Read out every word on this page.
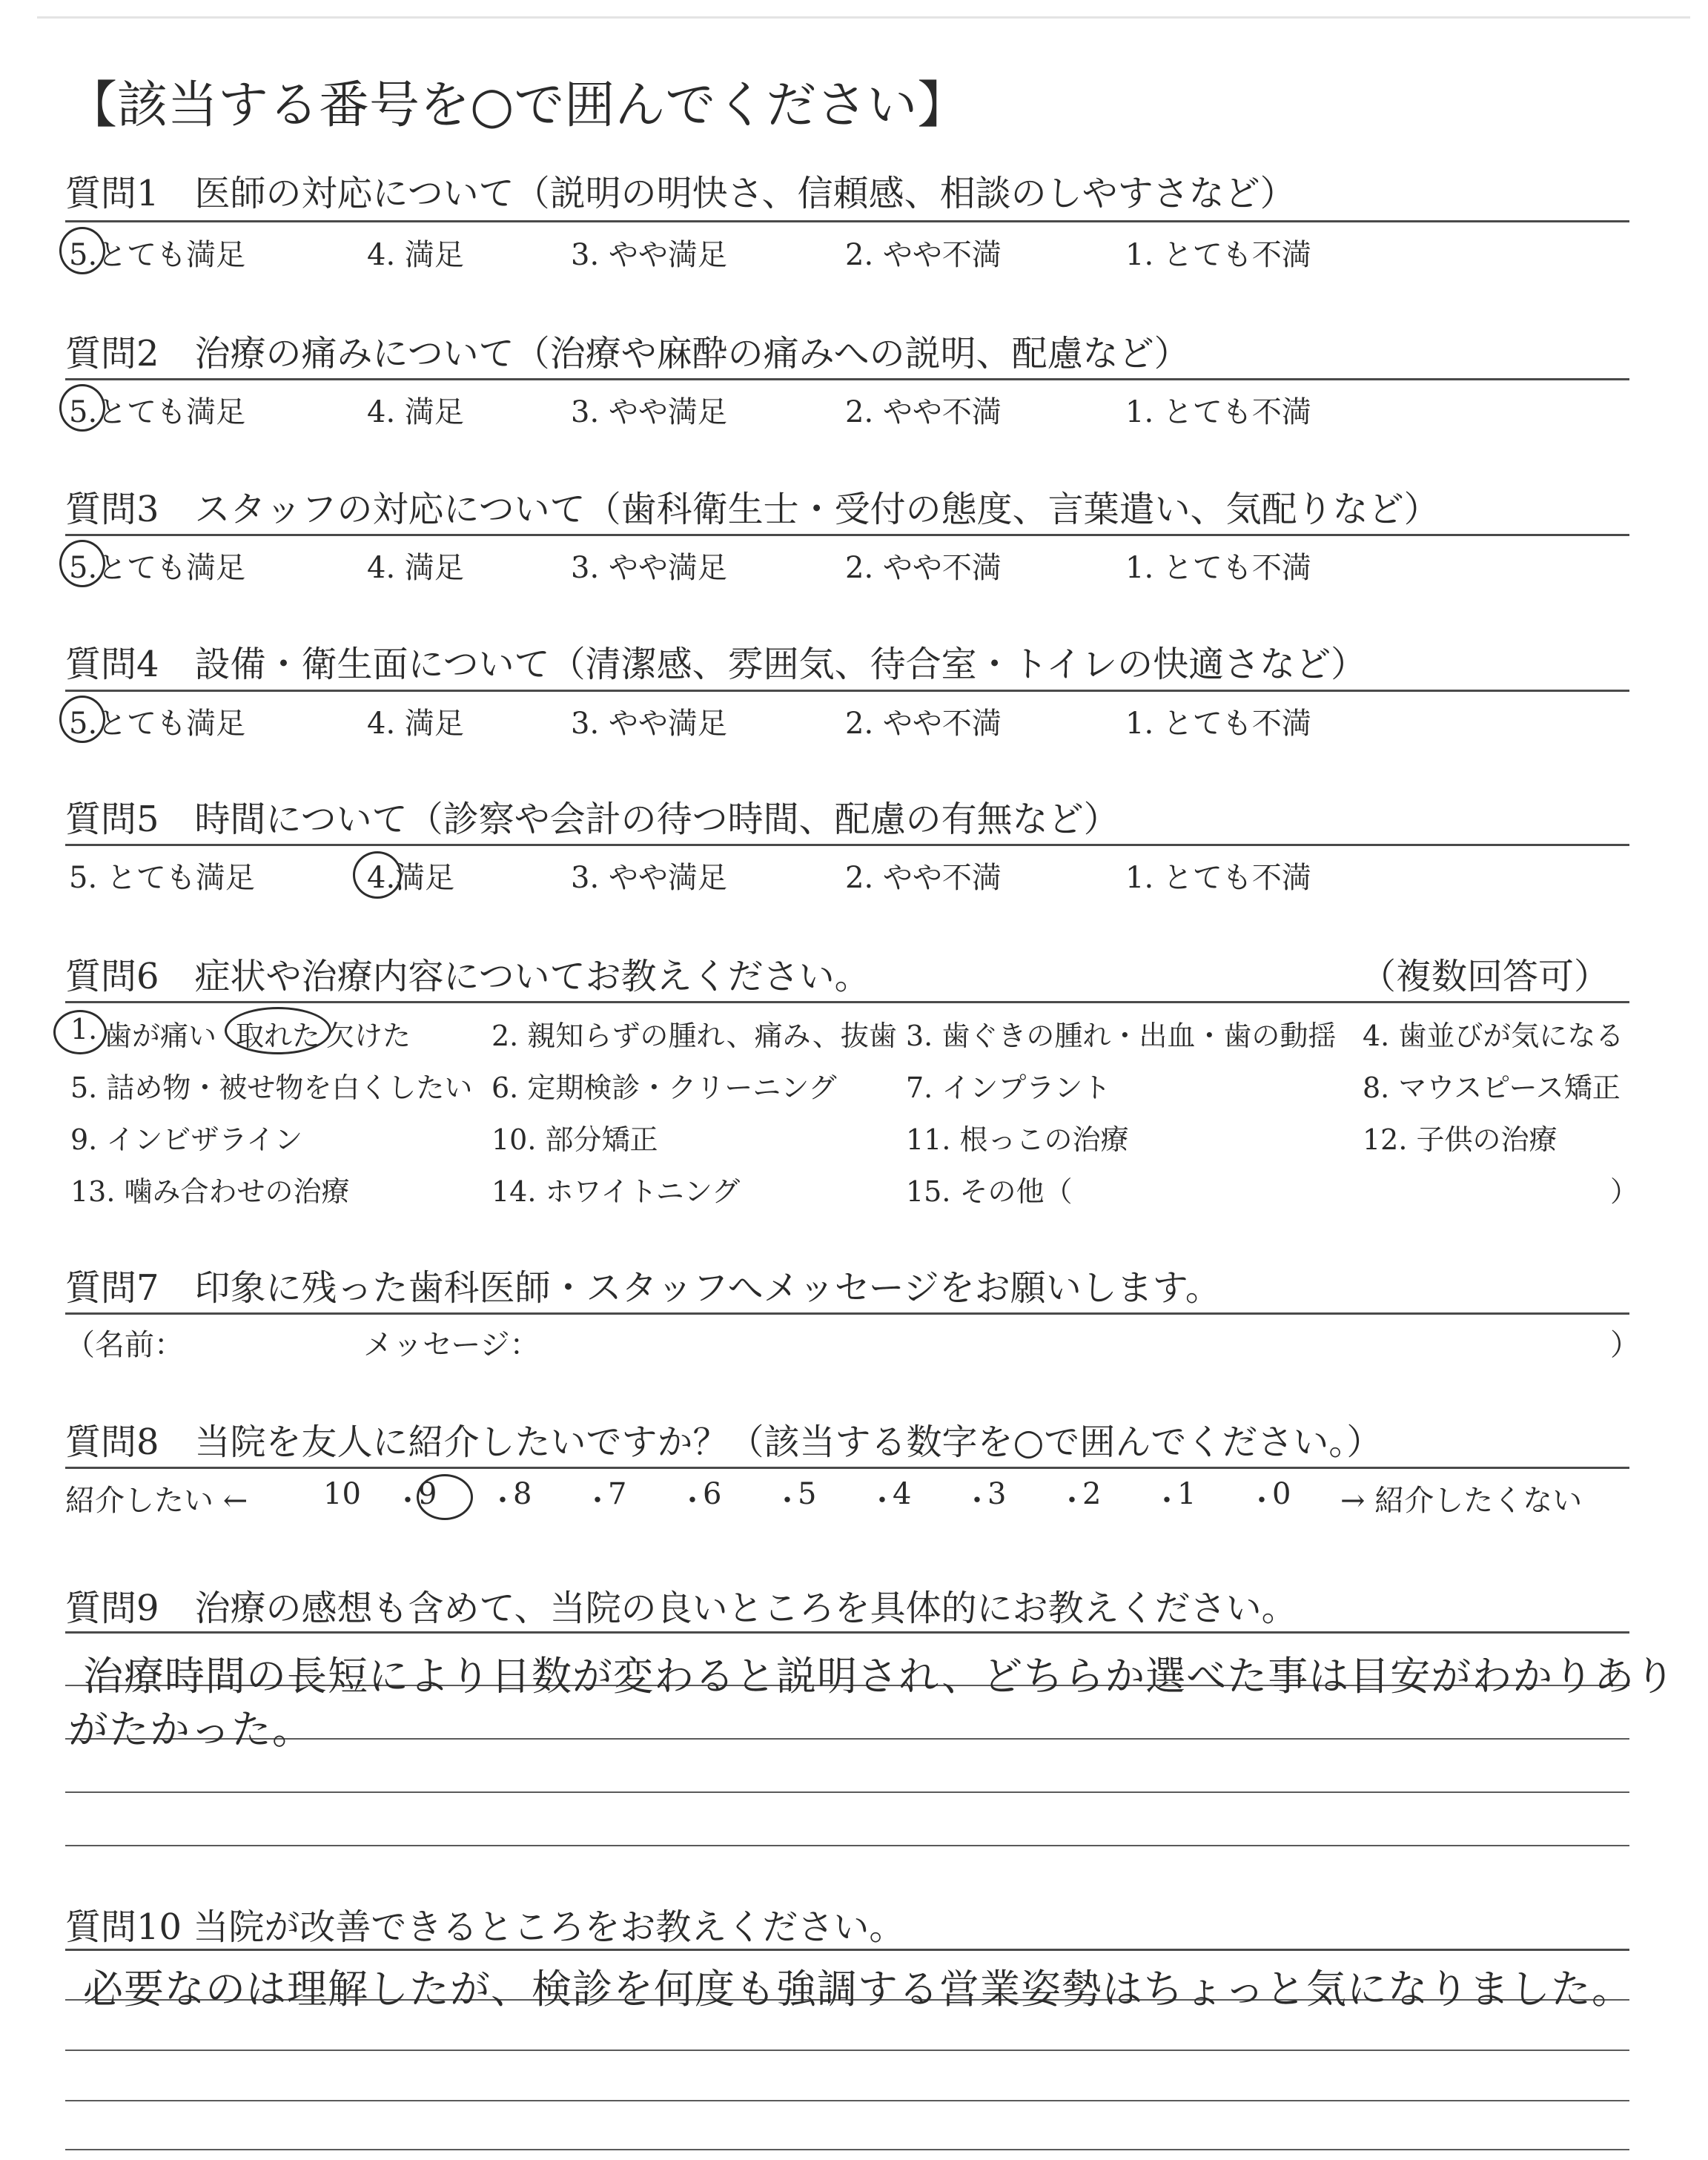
【該当する番号を○で囲んでください】
質問1　医師の対応について（説明の明快さ、信頼感、相談のしやすさなど）
5.とても満足	4. 満足	3. やや満足	2. やや不満	1. とても不満
質問2　治療の痛みについて（治療や麻酔の痛みへの説明、配慮など）
5.とても満足	4. 満足	3. やや満足	2. やや不満	1. とても不満
質問3　スタッフの対応について（歯科衛生士・受付の態度、言葉遣い、気配りなど）
5.とても満足	4. 満足	3. やや満足	2. やや不満	1. とても不満
質問4　設備・衛生面について（清潔感、雰囲気、待合室・トイレの快適さなど）
5.とても満足	4. 満足	3. やや満足	2. やや不満	1. とても不満
質問5　時間について（診察や会計の待つ時間、配慮の有無など）
5. とても満足	4.満足	3. やや満足	2. やや不満	1. とても不満
質問6　症状や治療内容についてお教えください。	（複数回答可）
1. 歯が痛い 取れた 欠けた	2. 親知らずの腫れ、痛み、抜歯 3. 歯ぐきの腫れ・出血・歯の動揺 4. 歯並びが気になる
5. 詰め物・被せ物を白くしたい 6. 定期検診・クリーニング 7. インプラント	8. マウスピース矯正
9. インビザライン	10. 部分矯正	11. 根っこの治療	12. 子供の治療
13. 噛み合わせの治療	14. ホワイトニング	15. その他（	）
質問7　印象に残った歯科医師・スタッフへメッセージをお願いします。
（名前：	メッセージ：	）
質問8　当院を友人に紹介したいですか？（該当する数字を○で囲んでください。）
紹介したい ←	10 ・
9 ・
8 ・
7 ・
6 ・
5 ・
4 ・
3 ・
2 ・
1 ・
0 → 紹介したくない
質問9　治療の感想も含めて、当院の良いところを具体的にお教えください。
治療時間の長短により日数が変わると説明され、どちらか選べた事は目安がわかりあり
がたかった。
質問10 当院が改善できるところをお教えください。
必要なのは理解したが、検診を何度も強調する営業姿勢はちょっと気になりました。
